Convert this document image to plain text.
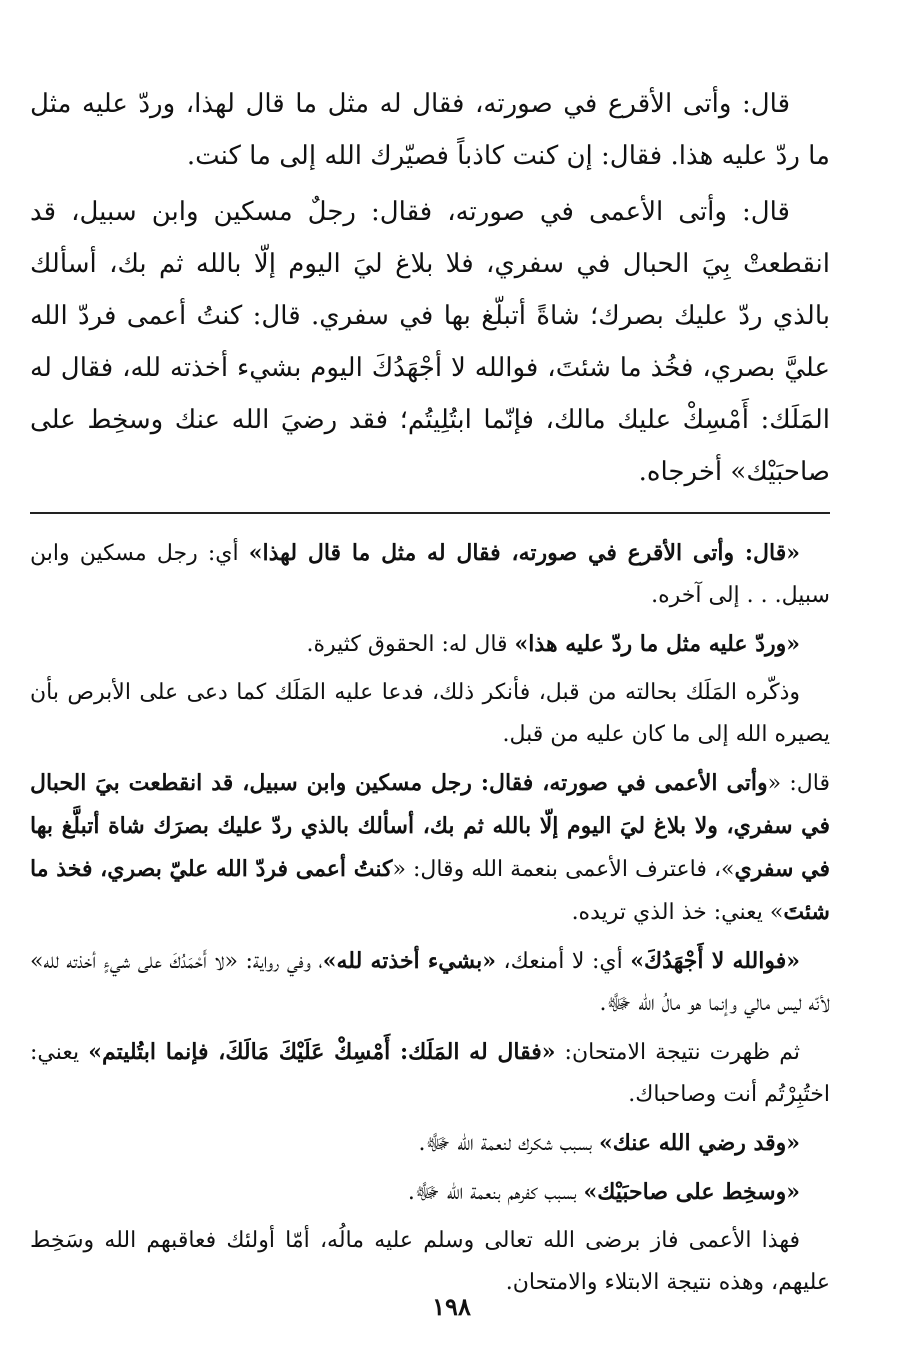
قال: وأتى الأقرع في صورته، فقال له مثل ما قال لهذا، وردّ عليه مثل ما ردّ عليه هذا. فقال: إن كنت كاذباً فصيّرك الله إلى ما كنت.

قال: وأتى الأعمى في صورته، فقال: رجلٌ مسكين وابن سبيل، قد انقطعتْ بِيَ الحبال في سفري، فلا بلاغ ليَ اليوم إلّا بالله ثم بك، أسألك بالذي ردّ عليك بصرك؛ شاةً أتبلّغ بها في سفري. قال: كنتُ أعمى فردّ الله عليَّ بصري، فخُذ ما شئتَ، فوالله لا أجْهَدُكَ اليوم بشيء أخذته لله، فقال له المَلَك: أَمْسِكْ عليك مالك، فإنّما ابتُلِيتُم؛ فقد رضيَ الله عنك وسخِط على صاحبَيْك» أخرجاه.

«قال: وأتى الأقرع في صورته، فقال له مثل ما قال لهذا» أي: رجل مسكين وابن سبيل. . . إلى آخره.

«وردّ عليه مثل ما ردّ عليه هذا» قال له: الحقوق كثيرة.

وذكّره المَلَك بحالته من قبل، فأنكر ذلك، فدعا عليه المَلَك كما دعى على الأبرص بأن يصيره الله إلى ما كان عليه من قبل.

قال: «وأتى الأعمى في صورته، فقال: رجل مسكين وابن سبيل، قد انقطعت بيَ الحبال في سفري، ولا بلاغ ليَ اليوم إلّا بالله ثم بك، أسألك بالذي ردّ عليك بصرَك شاة أتبلَّغ بها في سفري»، فاعترف الأعمى بنعمة الله وقال: «كنتُ أعمى فردّ الله عليّ بصري، فخذ ما شئتَ» يعني: خذ الذي تريده.

«فوالله لا أَجْهَدُكَ» أي: لا أمنعك، «بشيء أخذته لله»، وفي رواية: «لا أَحْمَدُكَ على شيءٍ أخذته لله» لأنّه ليس مالي وإنما هو مالُ الله ﷻ.

ثم ظهرت نتيجة الامتحان: «فقال له المَلَك: أَمْسِكْ عَلَيْكَ مَالَكَ، فإنما ابتُليتم» يعني: اختُبِرْتُم أنت وصاحباك.

«وقد رضي الله عنك» بسبب شكرك لنعمة الله ﷻ.

«وسخِط على صاحبَيْك» بسبب كفرهم بنعمة الله ﷻ.

فهذا الأعمى فاز برضى الله تعالى وسلم عليه مالُه، أمّا أولئك فعاقبهم الله وسَخِط عليهم، وهذه نتيجة الابتلاء والامتحان.

١٩٨
